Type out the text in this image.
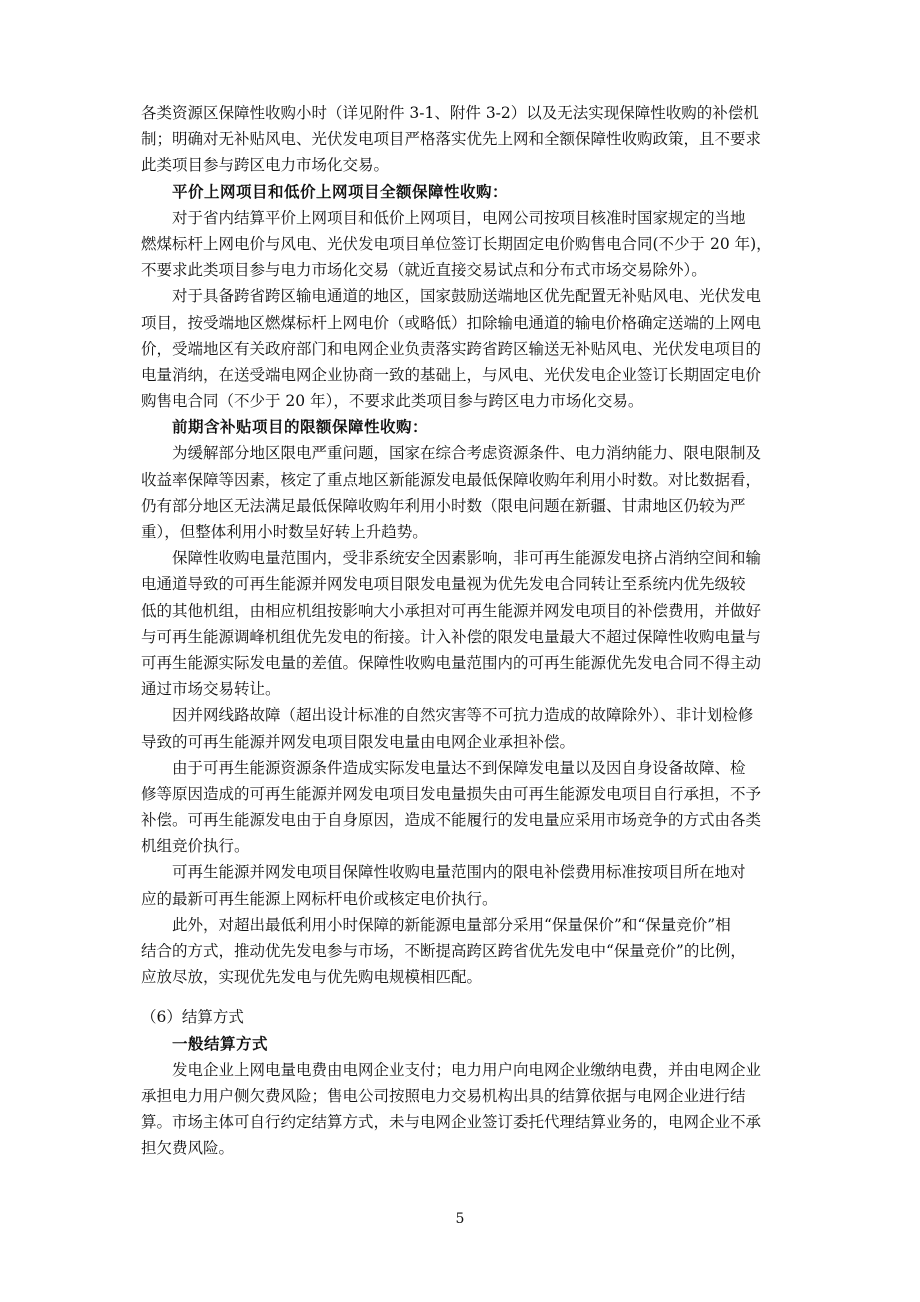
各类资源区保障性收购小时（详见附件 3-1、附件 3-2）以及无法实现保障性收购的补偿机
制；明确对无补贴风电、光伏发电项目严格落实优先上网和全额保障性收购政策，且不要求
此类项目参与跨区电力市场化交易。
平价上网项目和低价上网项目全额保障性收购：
对于省内结算平价上网项目和低价上网项目，电网公司按项目核准时国家规定的当地
燃煤标杆上网电价与风电、光伏发电项目单位签订长期固定电价购售电合同(不少于 20 年)，
不要求此类项目参与电力市场化交易（就近直接交易试点和分布式市场交易除外）。
对于具备跨省跨区输电通道的地区，国家鼓励送端地区优先配置无补贴风电、光伏发电
项目，按受端地区燃煤标杆上网电价（或略低）扣除输电通道的输电价格确定送端的上网电
价，受端地区有关政府部门和电网企业负责落实跨省跨区输送无补贴风电、光伏发电项目的
电量消纳，在送受端电网企业协商一致的基础上，与风电、光伏发电企业签订长期固定电价
购售电合同（不少于 20 年），不要求此类项目参与跨区电力市场化交易。
前期含补贴项目的限额保障性收购：
为缓解部分地区限电严重问题，国家在综合考虑资源条件、电力消纳能力、限电限制及
收益率保障等因素，核定了重点地区新能源发电最低保障收购年利用小时数。对比数据看，
仍有部分地区无法满足最低保障收购年利用小时数（限电问题在新疆、甘肃地区仍较为严
重），但整体利用小时数呈好转上升趋势。
保障性收购电量范围内，受非系统安全因素影响，非可再生能源发电挤占消纳空间和输
电通道导致的可再生能源并网发电项目限发电量视为优先发电合同转让至系统内优先级较
低的其他机组，由相应机组按影响大小承担对可再生能源并网发电项目的补偿费用，并做好
与可再生能源调峰机组优先发电的衔接。计入补偿的限发电量最大不超过保障性收购电量与
可再生能源实际发电量的差值。保障性收购电量范围内的可再生能源优先发电合同不得主动
通过市场交易转让。
因并网线路故障（超出设计标准的自然灾害等不可抗力造成的故障除外）、非计划检修
导致的可再生能源并网发电项目限发电量由电网企业承担补偿。
由于可再生能源资源条件造成实际发电量达不到保障发电量以及因自身设备故障、检
修等原因造成的可再生能源并网发电项目发电量损失由可再生能源发电项目自行承担，不予
补偿。可再生能源发电由于自身原因，造成不能履行的发电量应采用市场竞争的方式由各类
机组竞价执行。
可再生能源并网发电项目保障性收购电量范围内的限电补偿费用标准按项目所在地对
应的最新可再生能源上网标杆电价或核定电价执行。
此外，对超出最低利用小时保障的新能源电量部分采用“保量保价”和“保量竞价”相
结合的方式，推动优先发电参与市场，不断提高跨区跨省优先发电中“保量竞价”的比例，
应放尽放，实现优先发电与优先购电规模相匹配。
（6）结算方式
一般结算方式
发电企业上网电量电费由电网企业支付；电力用户向电网企业缴纳电费，并由电网企业
承担电力用户侧欠费风险；售电公司按照电力交易机构出具的结算依据与电网企业进行结
算。市场主体可自行约定结算方式，未与电网企业签订委托代理结算业务的，电网企业不承
担欠费风险。
5
